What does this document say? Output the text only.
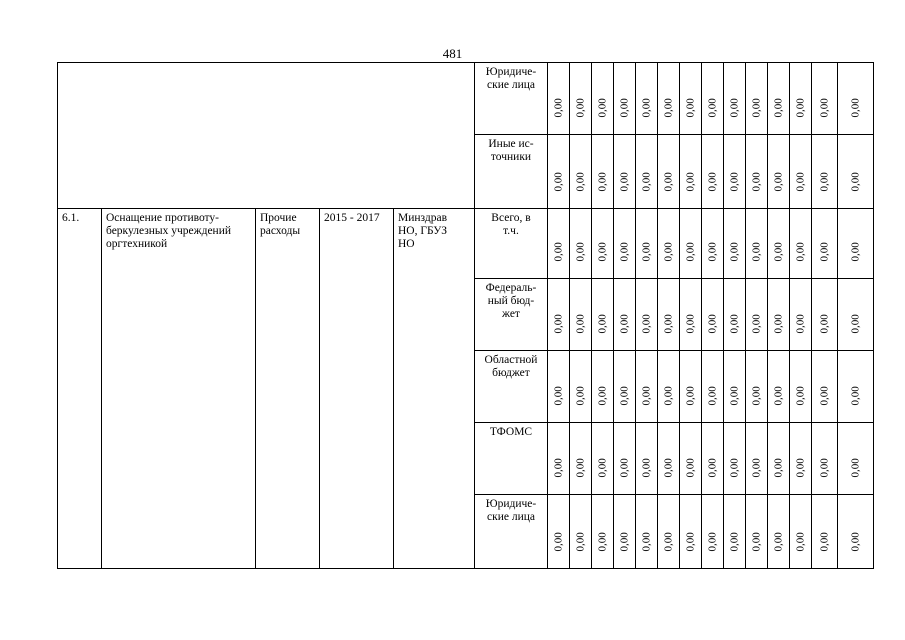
481
					Юридиче-
ские лица	0,00	0,00	0,00	0,00	0,00	0,00	0,00	0,00	0,00	0,00	0,00	0,00	0,00	0,00

					Иные ис-
точники	0,00	0,00	0,00	0,00	0,00	0,00	0,00	0,00	0,00	0,00	0,00	0,00	0,00	0,00

6.1.	Оснащение противоту-
беркулезных учреждений
оргтехникой	Прочие
расходы	2015 - 2017	Минздрав
НО, ГБУЗ
НО	Всего, в
т.ч.	0,00	0,00	0,00	0,00	0,00	0,00	0,00	0,00	0,00	0,00	0,00	0,00	0,00	0,00

					Федераль-
ный бюд-
жет	0,00	0,00	0,00	0,00	0,00	0,00	0,00	0,00	0,00	0,00	0,00	0,00	0,00	0,00

					Областной
бюджет	0,00	0,00	0,00	0,00	0,00	0,00	0,00	0,00	0,00	0,00	0,00	0,00	0,00	0,00

					ТФОМС	0,00	0,00	0,00	0,00	0,00	0,00	0,00	0,00	0,00	0,00	0,00	0,00	0,00	0,00

					Юридиче-
ские лица	0,00	0,00	0,00	0,00	0,00	0,00	0,00	0,00	0,00	0,00	0,00	0,00	0,00	0,00
